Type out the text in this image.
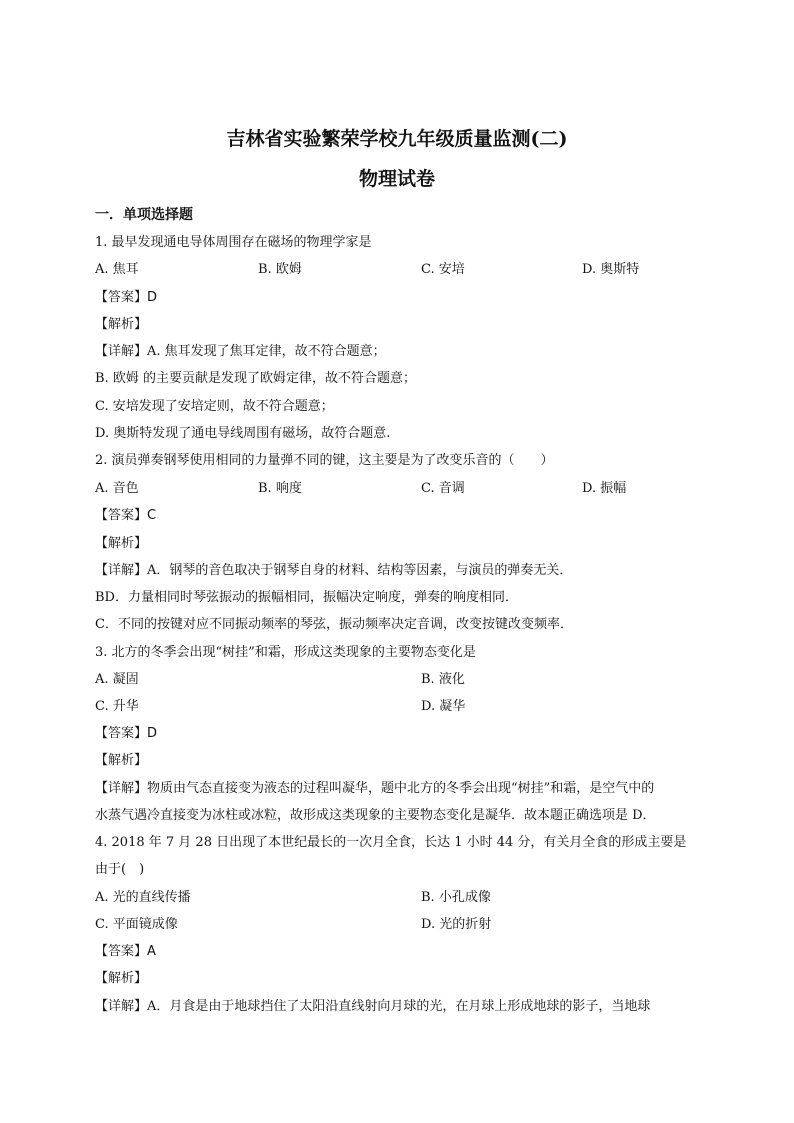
吉林省实验繁荣学校九年级质量监测(二)
物理试卷
一．单项选择题
1. 最早发现通电导体周围存在磁场的物理学家是
A. 焦耳	B. 欧姆	C. 安培	D. 奥斯特
【答案】D
【解析】
【详解】A. 焦耳发现了焦耳定律，故不符合题意；
B. 欧姆 的主要贡献是发现了欧姆定律，故不符合题意；
C. 安培发现了安培定则，故不符合题意；
D. 奥斯特发现了通电导线周围有磁场，故符合题意.
2. 演员弹奏钢琴使用相同的力量弹不同的键，这主要是为了改变乐音的（　　）
A. 音色	B. 响度	C. 音调	D. 振幅
【答案】C
【解析】
【详解】A．钢琴的音色取决于钢琴自身的材料、结构等因素，与演员的弹奏无关．
BD．力量相同时琴弦振动的振幅相同，振幅决定响度，弹奏的响度相同．
C．不同的按键对应不同振动频率的琴弦，振动频率决定音调，改变按键改变频率．
3. 北方的冬季会出现“树挂”和霜，形成这类现象的主要物态变化是
A. 凝固	B. 液化
C. 升华	D. 凝华
【答案】D
【解析】
【详解】物质由气态直接变为液态的过程叫凝华，题中北方的冬季会出现“树挂”和霜，是空气中的
水蒸气遇冷直接变为冰柱或冰粒，故形成这类现象的主要物态变化是凝华．故本题正确选项是 D．
4. 2018 年 7 月 28 日出现了本世纪最长的一次月全食，长达 1 小时 44 分，有关月全食的形成主要是
由于(　)
A. 光的直线传播	B. 小孔成像
C. 平面镜成像	D. 光的折射
【答案】A
【解析】
【详解】A．月食是由于地球挡住了太阳沿直线射向月球的光，在月球上形成地球的影子，当地球
